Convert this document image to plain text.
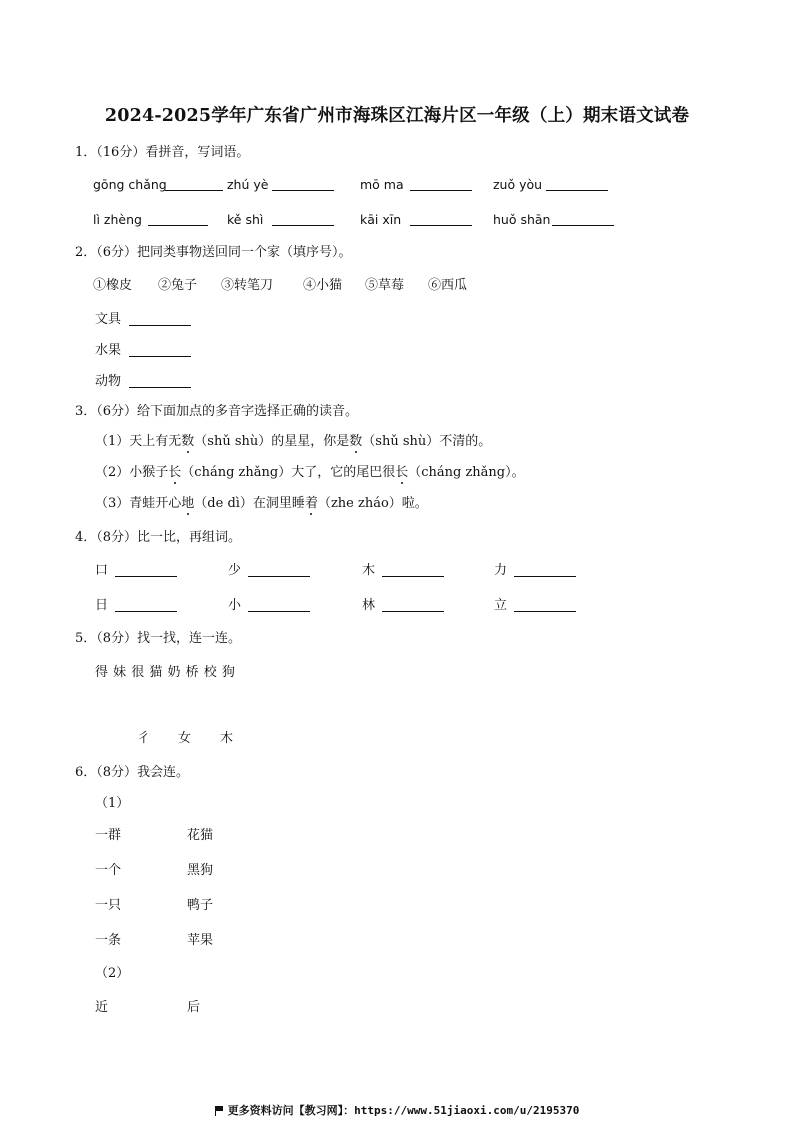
2024-2025学年广东省广州市海珠区江海片区一年级（上）期末语文试卷
1．（16分）看拼音，写词语。
gōng chǎng	zhú yè	mō ma	zuǒ yòu
lì zhèng	kě shì	kāi xīn	huǒ shān
2．（6分）把同类事物送回同一个家（填序号）。
①橡皮 ②兔子 ③转笔刀 ④小猫 ⑤草莓 ⑥西瓜
文具
水果
动物
3．（6分）给下面加点的多音字选择正确的读音。
（1）天上有无数（shǔ shù）的星星，你是数（shǔ shù）不清的。
（2）小猴子长（cháng zhǎng）大了，它的尾巴很长（cháng zhǎng）。
（3）青蛙开心地（de dì）在洞里睡着（zhe zháo）啦。
4．（8分）比一比，再组词。
口	少	木	力
日	小	林	立
5．（8分）找一找，连一连。
得 妹 很 猫 奶 桥 校 狗
彳 女 木
6．（8分）我会连。
（1）
一群	花猫
一个	黑狗
一只	鸭子
一条	苹果
（2）
近	后
更多资料访问【教习网】：https://www.51jiaoxi.com/u/2195370
